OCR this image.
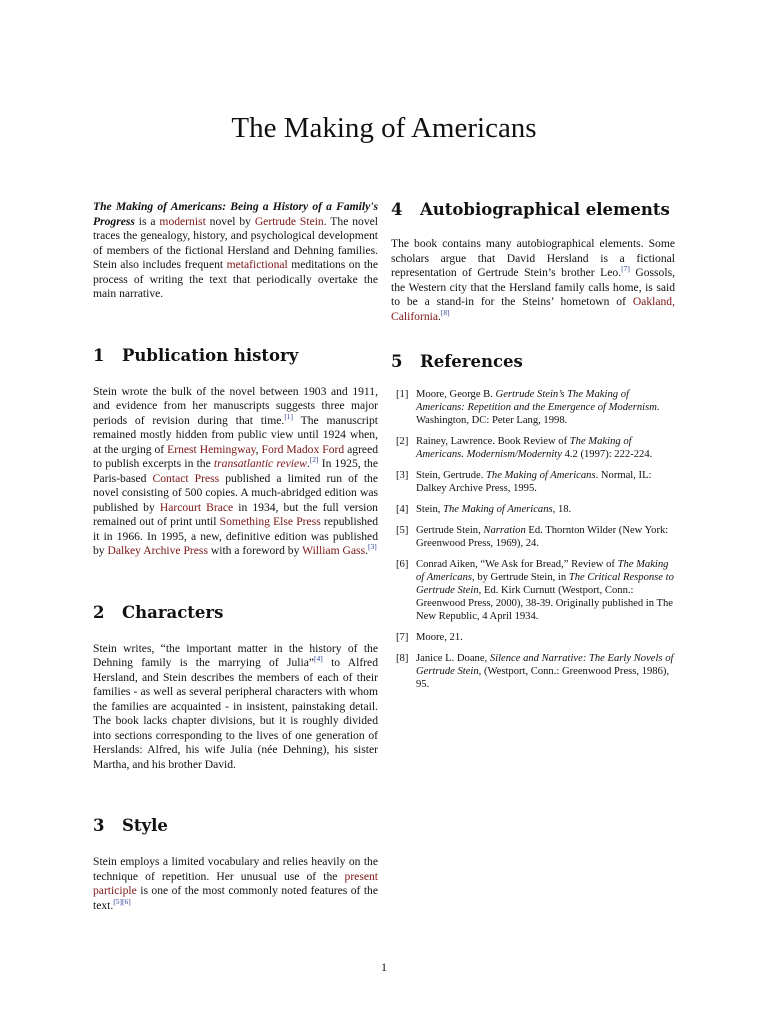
The Making of Americans

The Making of Americans: Being a History of a Family's Progress is a modernist novel by Gertrude Stein. The novel traces the genealogy, history, and psychological development of members of the fictional Hersland and Dehning families. Stein also includes frequent metafictional meditations on the process of writing the text that periodically overtake the main narrative.

1 Publication history

Stein wrote the bulk of the novel between 1903 and 1911, and evidence from her manuscripts suggests three major periods of revision during that time.[1] The manuscript remained mostly hidden from public view until 1924 when, at the urging of Ernest Hemingway, Ford Madox Ford agreed to publish excerpts in the transatlantic review.[2] In 1925, the Paris-based Contact Press published a limited run of the novel consisting of 500 copies. A much-abridged edition was published by Harcourt Brace in 1934, but the full version remained out of print until Something Else Press republished it in 1966. In 1995, a new, definitive edition was published by Dalkey Archive Press with a foreword by William Gass.[3]

2 Characters

Stein writes, “the important matter in the history of the Dehning family is the marrying of Julia”[4] to Alfred Hersland, and Stein describes the members of each of their families - as well as several peripheral characters with whom the families are acquainted - in insistent, painstaking detail. The book lacks chapter divisions, but it is roughly divided into sections corresponding to the lives of one generation of Herslands: Alfred, his wife Julia (née Dehning), his sister Martha, and his brother David.

3 Style

Stein employs a limited vocabulary and relies heavily on the technique of repetition. Her unusual use of the present participle is one of the most commonly noted features of the text.[5][6]

4 Autobiographical elements

The book contains many autobiographical elements. Some scholars argue that David Hersland is a fictional representation of Gertrude Stein’s brother Leo.[7] Gossols, the Western city that the Hersland family calls home, is said to be a stand-in for the Steins’ hometown of Oakland, California.[8]

5 References
[1] Moore, George B. Gertrude Stein’s The Making of Americans: Repetition and the Emergence of Modernism. Washington, DC: Peter Lang, 1998.
[2] Rainey, Lawrence. Book Review of The Making of Americans. Modernism/Modernity 4.2 (1997): 222-224.
[3] Stein, Gertrude. The Making of Americans. Normal, IL: Dalkey Archive Press, 1995.
[4] Stein, The Making of Americans, 18.
[5] Gertrude Stein, Narration Ed. Thornton Wilder (New York: Greenwood Press, 1969), 24.
[6] Conrad Aiken, “We Ask for Bread,” Review of The Making of Americans, by Gertrude Stein, in The Critical Response to Gertrude Stein, Ed. Kirk Curnutt (Westport, Conn.: Greenwood Press, 2000), 38-39. Originally published in The New Republic, 4 April 1934.
[7] Moore, 21.
[8] Janice L. Doane, Silence and Narrative: The Early Novels of Gertrude Stein, (Westport, Conn.: Greenwood Press, 1986), 95.
1
